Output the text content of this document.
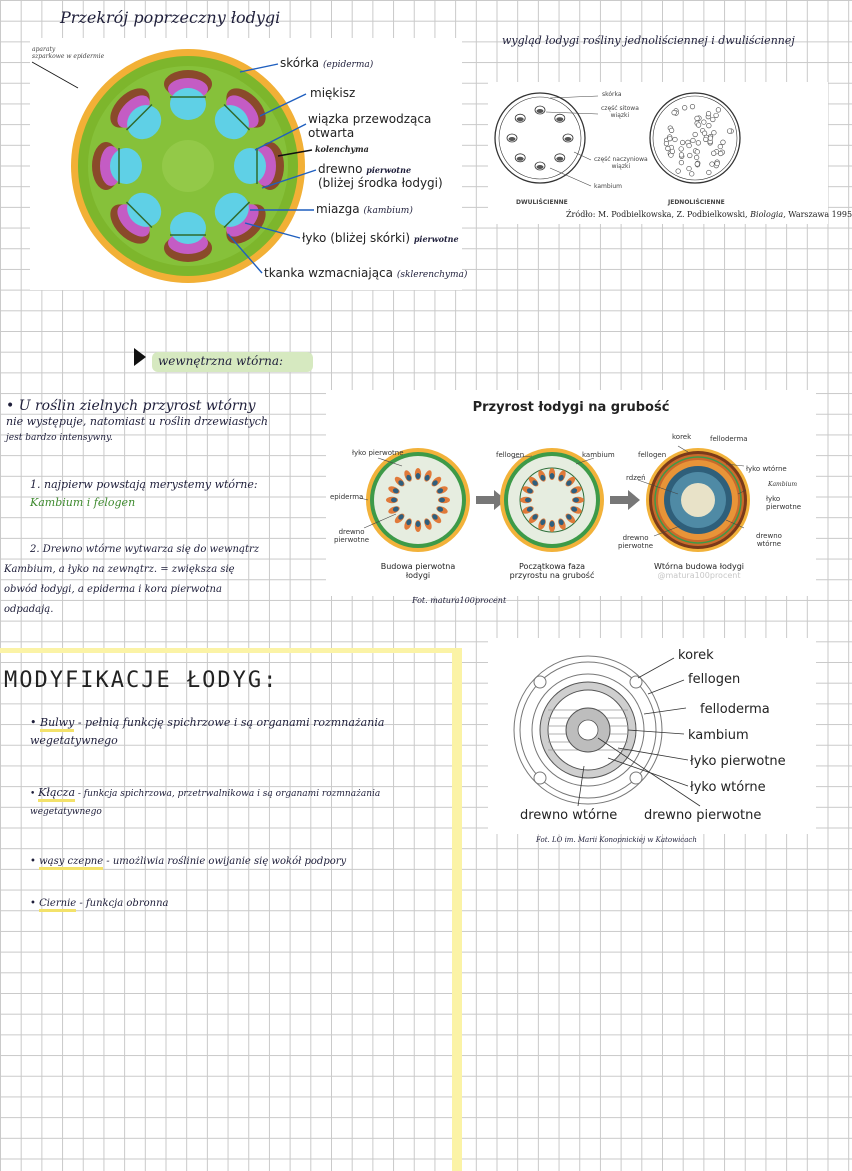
Przekrój poprzeczny łodygi
aparaty
szparkowe w epidermie	skórka (epiderma)
miękisz
wiązka przewodząca
otwarta
kolenchyma
drewno pierwotne
(bliżej środka łodygi)
miazga (kambium)
łyko (bliżej skórki) pierwotne
tkanka wzmacniająca (sklerenchyma)
wygląd łodygi rośliny jednoliściennej i dwuliściennej
skórka
część sitowa
wiązki
część naczyniowa
wiązki
kambium
DWULIŚCIENNE	JEDNOLIŚCIENNE
Źródło: M. Podbielkowska, Z. Podbielkowski, Biologia, Warszawa 1995
wewnętrzna wtórna:
• U roślin zielnych przyrost wtórny
nie występuje, natomiast u roślin drzewiastych
jest bardzo intensywny.
1. najpierw powstają merystemy wtórne:
Kambium i felogen
2. Drewno wtórne wytwarza się do wewnątrz
Kambium, a łyko na zewnątrz. = zwiększa się
obwód łodygi, a epiderma i kora pierwotna
odpadają.
Przyrost łodygi na grubość
łyko pierwotne
epiderma
drewno
pierwotne
fellogen	kambium
korek	felloderma
fellogen
rdzeń
łyko wtórne
Kambium
łyko
pierwotne
drewno
wtórne
drewno
pierwotne
Budowa pierwotna
łodygi
Początkowa faza
przyrostu na grubość
Wtórna budowa łodygi
@matura100procent
Fot. matura100procent
MODYFIKACJE ŁODYG:
• Bulwy - pełnią funkcję spichrzowe i są organami rozmnażania wegetatywnego
• Kłącza - funkcja spichrzowa, przetrwalnikowa i są organami rozmnażania wegetatywnego
• wąsy czepne - umożliwia roślinie owijanie się wokół podpory
• Ciernie - funkcja obronna
korek
fellogen
felloderma
kambium
łyko pierwotne
łyko wtórne
drewno wtórne drewno pierwotne
Fot. LO im. Marii Konopnickiej w Katowicach
